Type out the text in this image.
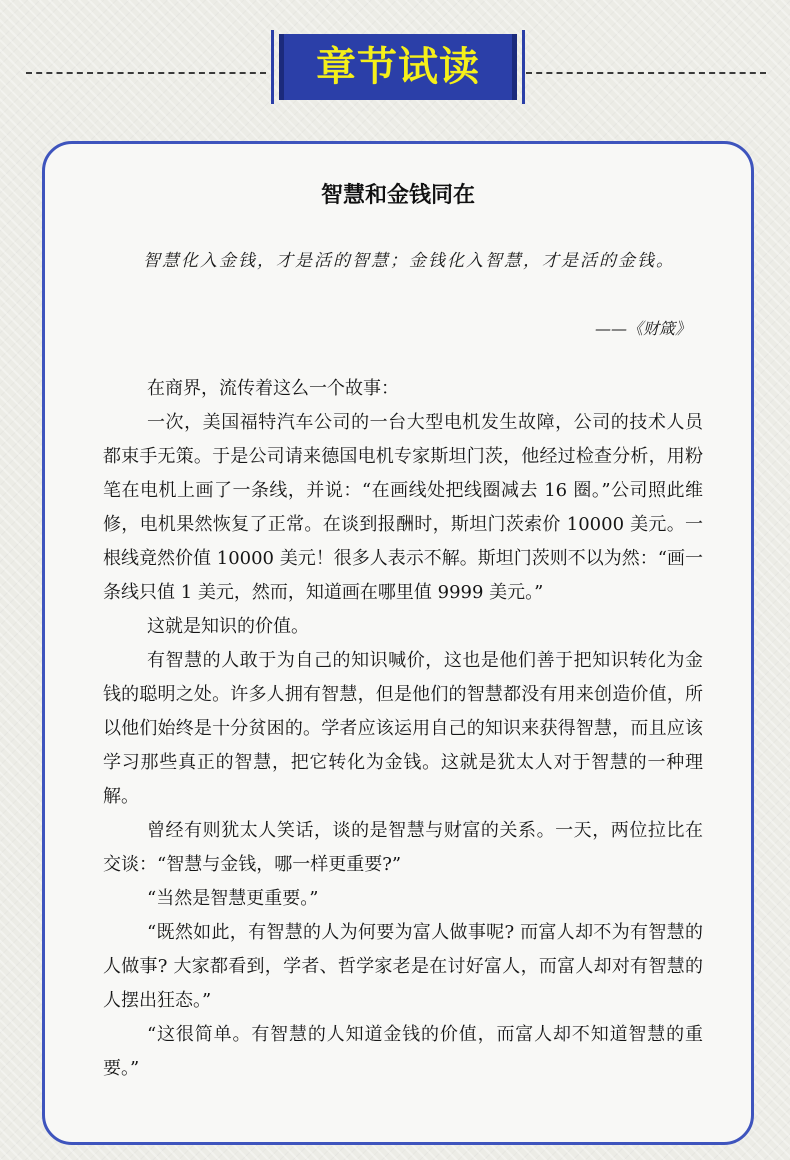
章节试读
智慧和金钱同在
智慧化入金钱，才是活的智慧；金钱化入智慧，才是活的金钱。
——《财箴》

在商界，流传着这么一个故事：

一次，美国福特汽车公司的一台大型电机发生故障，公司的技术人员都束手无策。于是公司请来德国电机专家斯坦门茨，他经过检查分析，用粉笔在电机上画了一条线，并说：“在画线处把线圈减去 16 圈。”公司照此维修，电机果然恢复了正常。在谈到报酬时，斯坦门茨索价 10000 美元。一根线竟然价值 10000 美元！很多人表示不解。斯坦门茨则不以为然：“画一条线只值 1 美元，然而，知道画在哪里值 9999 美元。”

这就是知识的价值。

有智慧的人敢于为自己的知识喊价，这也是他们善于把知识转化为金钱的聪明之处。许多人拥有智慧，但是他们的智慧都没有用来创造价值，所以他们始终是十分贫困的。学者应该运用自己的知识来获得智慧，而且应该学习那些真正的智慧，把它转化为金钱。这就是犹太人对于智慧的一种理解。

曾经有则犹太人笑话，谈的是智慧与财富的关系。一天，两位拉比在交谈：“智慧与金钱，哪一样更重要?”

“当然是智慧更重要。”

“既然如此，有智慧的人为何要为富人做事呢? 而富人却不为有智慧的人做事? 大家都看到，学者、哲学家老是在讨好富人，而富人却对有智慧的人摆出狂态。”

“这很简单。有智慧的人知道金钱的价值，而富人却不知道智慧的重要。”
